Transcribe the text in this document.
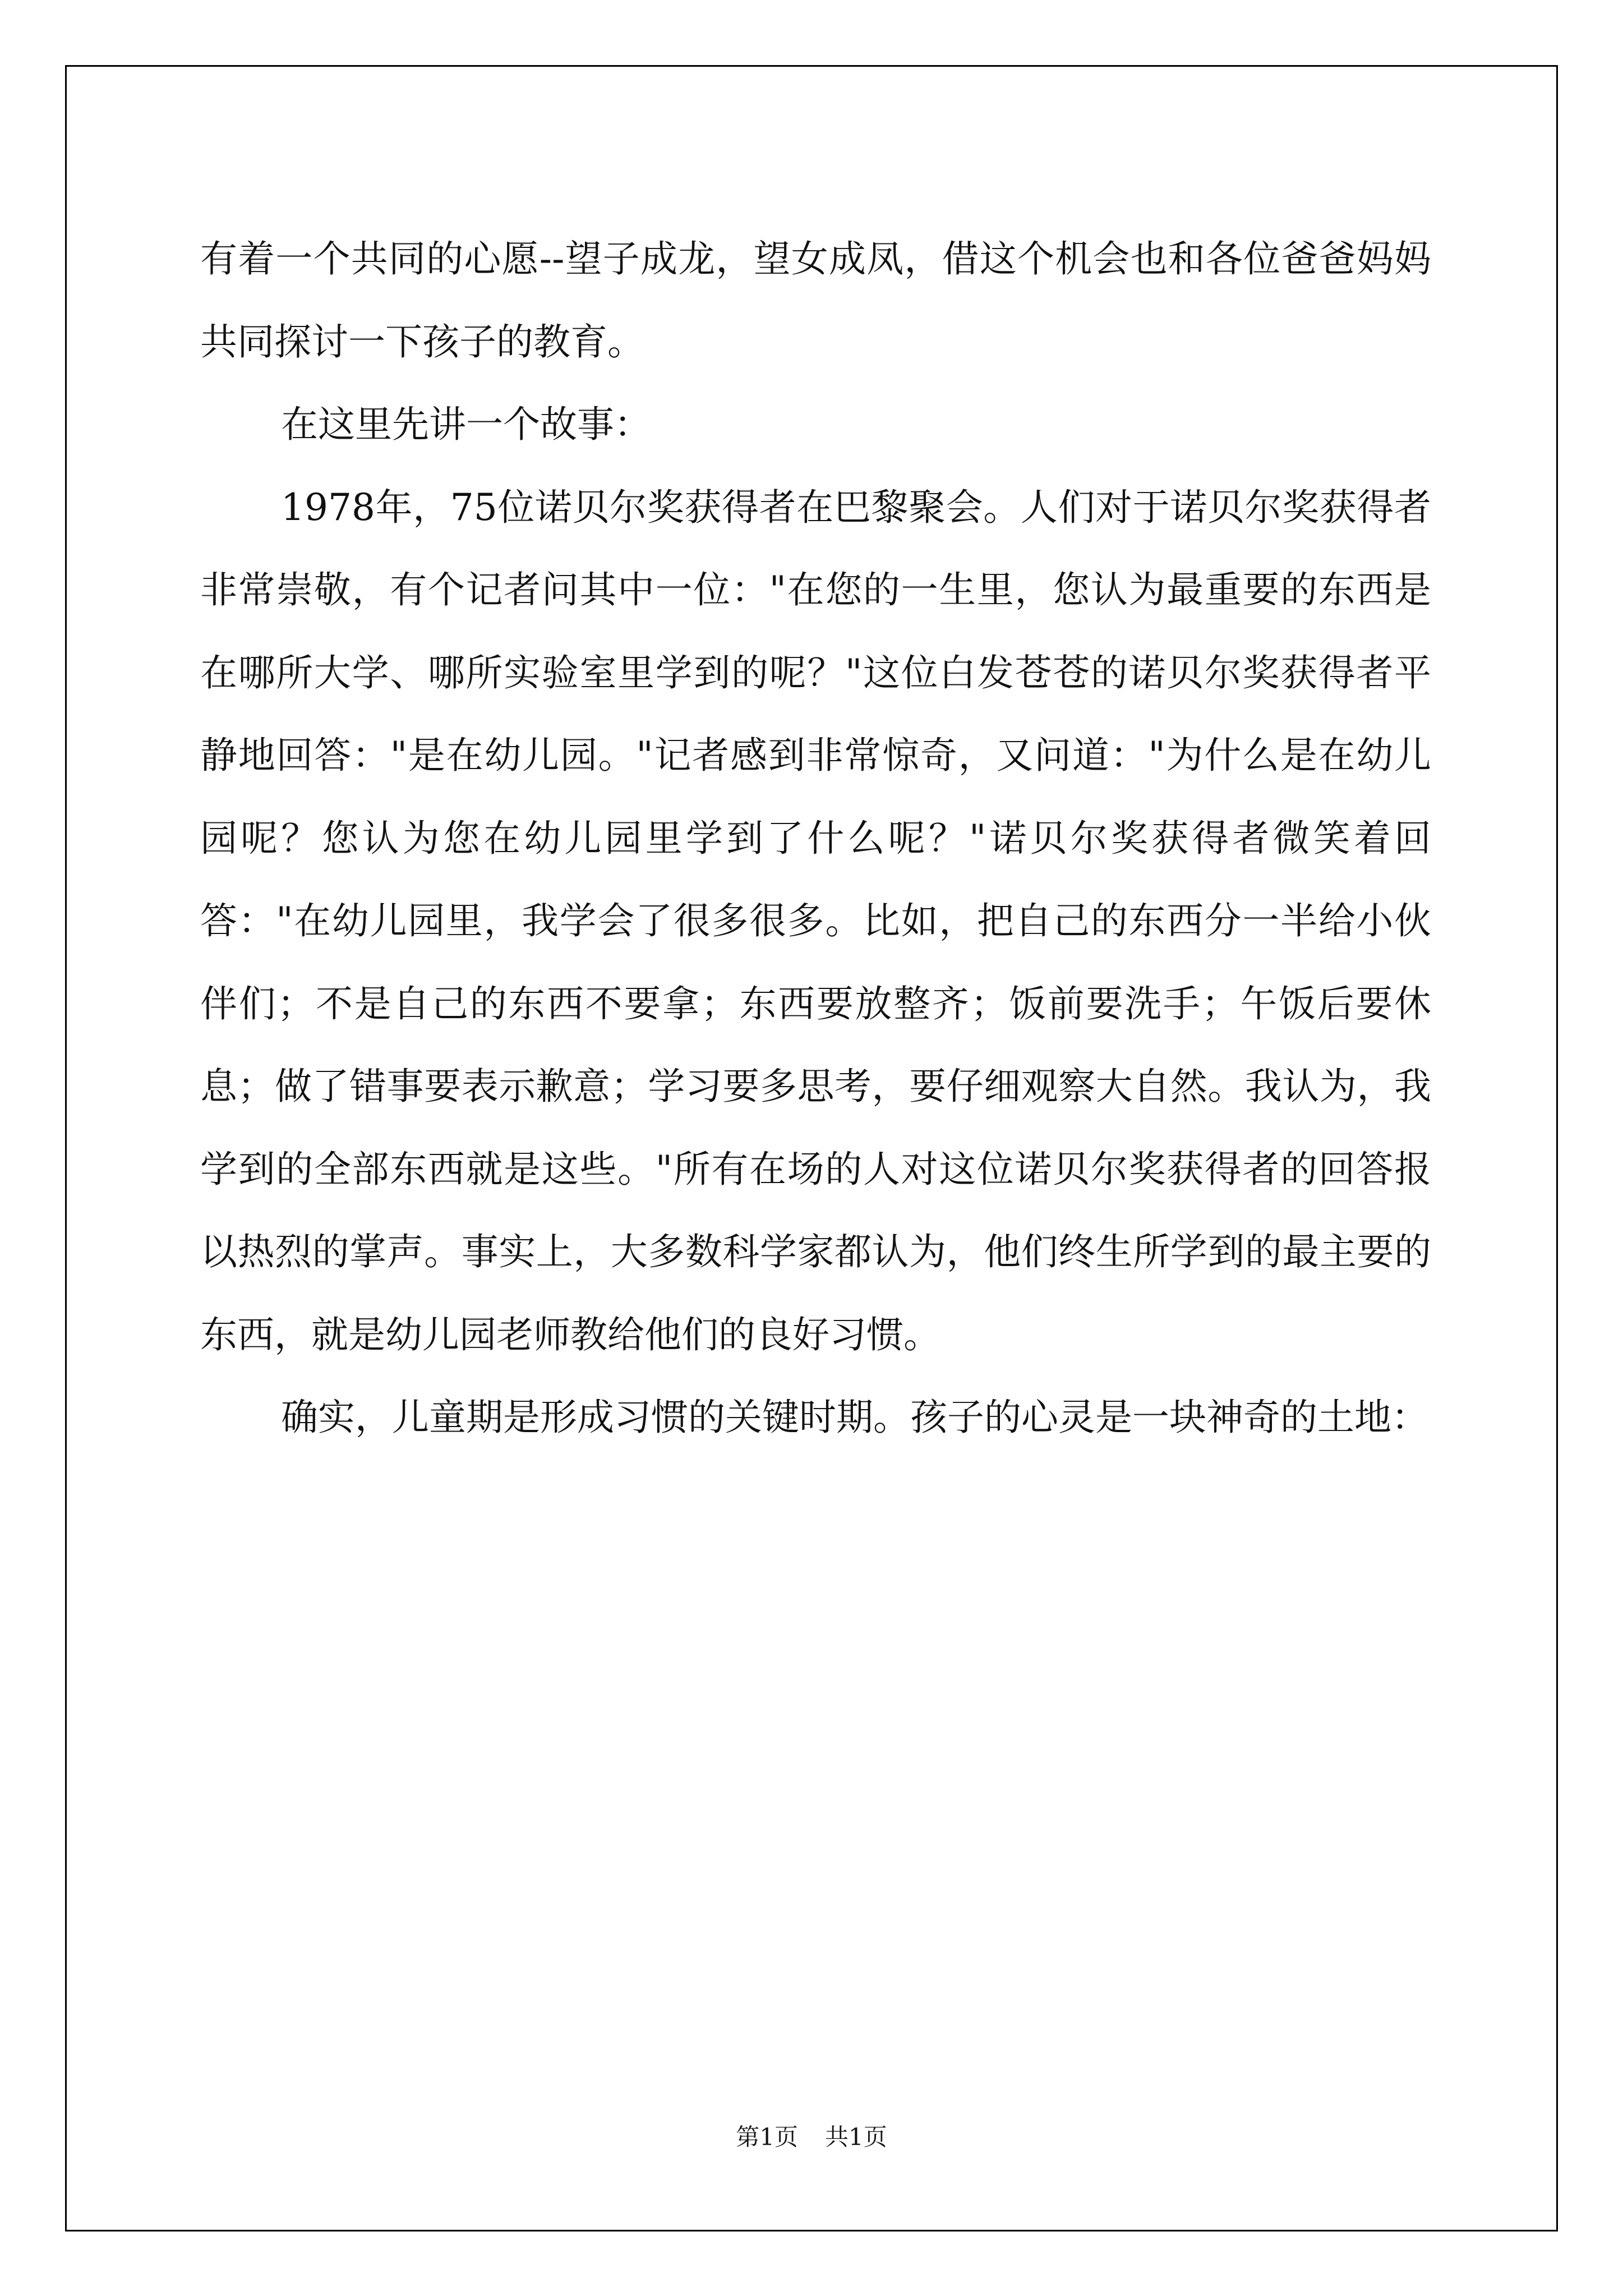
有着一个共同的心愿--望子成龙，望女成凤，借这个机会也和各位爸爸妈妈共同探讨一下孩子的教育。

在这里先讲一个故事：

1978年，75位诺贝尔奖获得者在巴黎聚会。人们对于诺贝尔奖获得者非常崇敬，有个记者问其中一位："在您的一生里，您认为最重要的东西是在哪所大学、哪所实验室里学到的呢？"这位白发苍苍的诺贝尔奖获得者平静地回答："是在幼儿园。"记者感到非常惊奇，又问道："为什么是在幼儿园呢？您认为您在幼儿园里学到了什么呢？"诺贝尔奖获得者微笑着回答："在幼儿园里，我学会了很多很多。比如，把自己的东西分一半给小伙伴们；不是自己的东西不要拿；东西要放整齐；饭前要洗手；午饭后要休息；做了错事要表示歉意；学习要多思考，要仔细观察大自然。我认为，我学到的全部东西就是这些。"所有在场的人对这位诺贝尔奖获得者的回答报以热烈的掌声。事实上，大多数科学家都认为，他们终生所学到的最主要的东西，就是幼儿园老师教给他们的良好习惯。

确实，儿童期是形成习惯的关键时期。孩子的心灵是一块神奇的土地：

第1页 共1页
